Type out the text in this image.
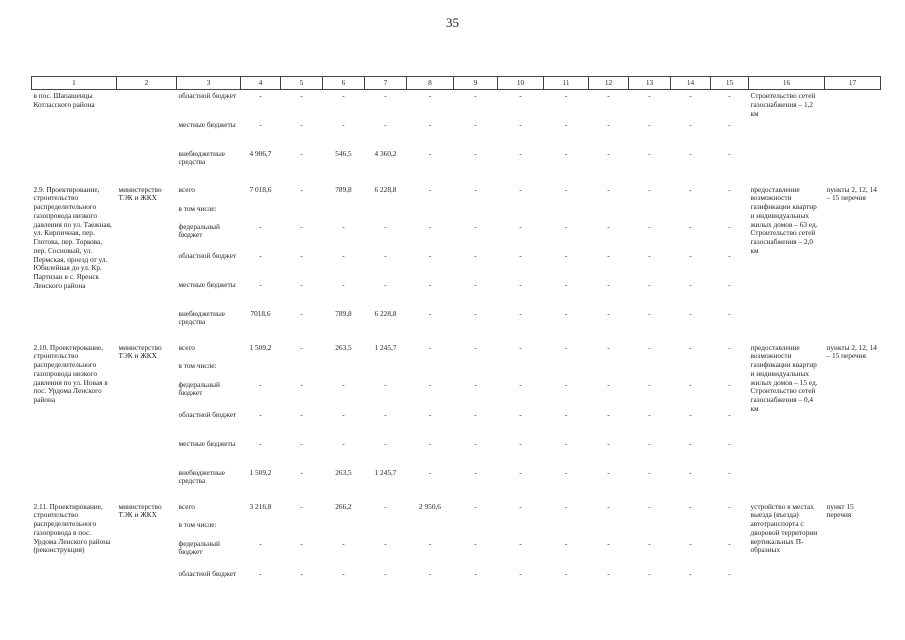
35
1	2	3	4	5	6	7	8	9	10	11	12	13	14	15	16	17
в пос. Шапашенцы Котласского района		областной бюджет	-	-	-	-	-	-	-	-	-	-	-	-	Строительство сетей газоснабжения – 1,2 км	
		местные бюджеты	-	-	-	-	-	-	-	-	-	-	-	-		
		внебюджетные средства	4 906,7	-	546,5	4 360,2	-	-	-	-	-	-	-	-		

2.9. Проектирование, строительство распределительного газопровода низкого давления по ул. Таежная, ул. Кирпичная, пер. Глотова, пер. Торкова, пер. Сосновый, ул. Пермская, проезд от ул. Юбилейная до ул. Кр. Партизан в с. Яренск Ленского района	министерство ТЭК и ЖКХ	всего	7 018,6	-	789,8	6 228,8	-	-	-	-	-	-	-	-	предоставление возможности газификации квартир и индивидуальных жилых домов – 63 ед. Строительство сетей газоснабжения – 2,0 км	пункты 2, 12, 14 – 15 перечня
		в том числе:														
		федеральный бюджет	-	-	-	-	-	-	-	-	-	-	-	-		
		областной бюджет	-	-	-	-	-	-	-	-	-	-	-	-		
		местные бюджеты	-	-	-	-	-	-	-	-	-	-	-	-		
		внебюджетные средства	7018,6	-	789,8	6 228,8	-	-	-	-	-	-	-	-		

2.10. Проектирование, строительство распределительного газопровода низкого давления по ул. Новая в пос. Урдома Ленского района	министерство ТЭК и ЖКХ	всего	1 509,2	-	263,5	1 245,7	-	-	-	-	-	-	-	-	предоставление возможности газификации квартир и индивидуальных жилых домов – 15 ед. Строительство сетей газоснабжения – 0,4 км	пункты 2, 12, 14 – 15 перечня
		в том числе:														
		федеральный бюджет	-	-	-	-	-	-	-	-	-	-	-	-		
		областной бюджет	-	-	-	-	-	-	-	-	-	-	-	-		
		местные бюджеты	-	-	-	-	-	-	-	-	-	-	-	-		
		внебюджетные средства	1 509,2	-	263,5	1 245,7	-	-	-	-	-	-	-	-		

2.11. Проектирование, строительство распределительного газопровода в пос. Урдома Ленского района (реконструкция)	министерство ТЭК и ЖКХ	всего	3 216,8	-	266,2	-	2 950,6	-	-	-	-	-	-	-	устройство в местах выезда (въезда) автотранспорта с дворовой территории вертикальных П-образных	пункт 15 перечня
		в том числе:														
		федеральный бюджет	-	-	-	-	-	-	-	-	-	-	-	-		
		областной бюджет	-	-	-	-	-	-	-	-	-	-	-	-		
